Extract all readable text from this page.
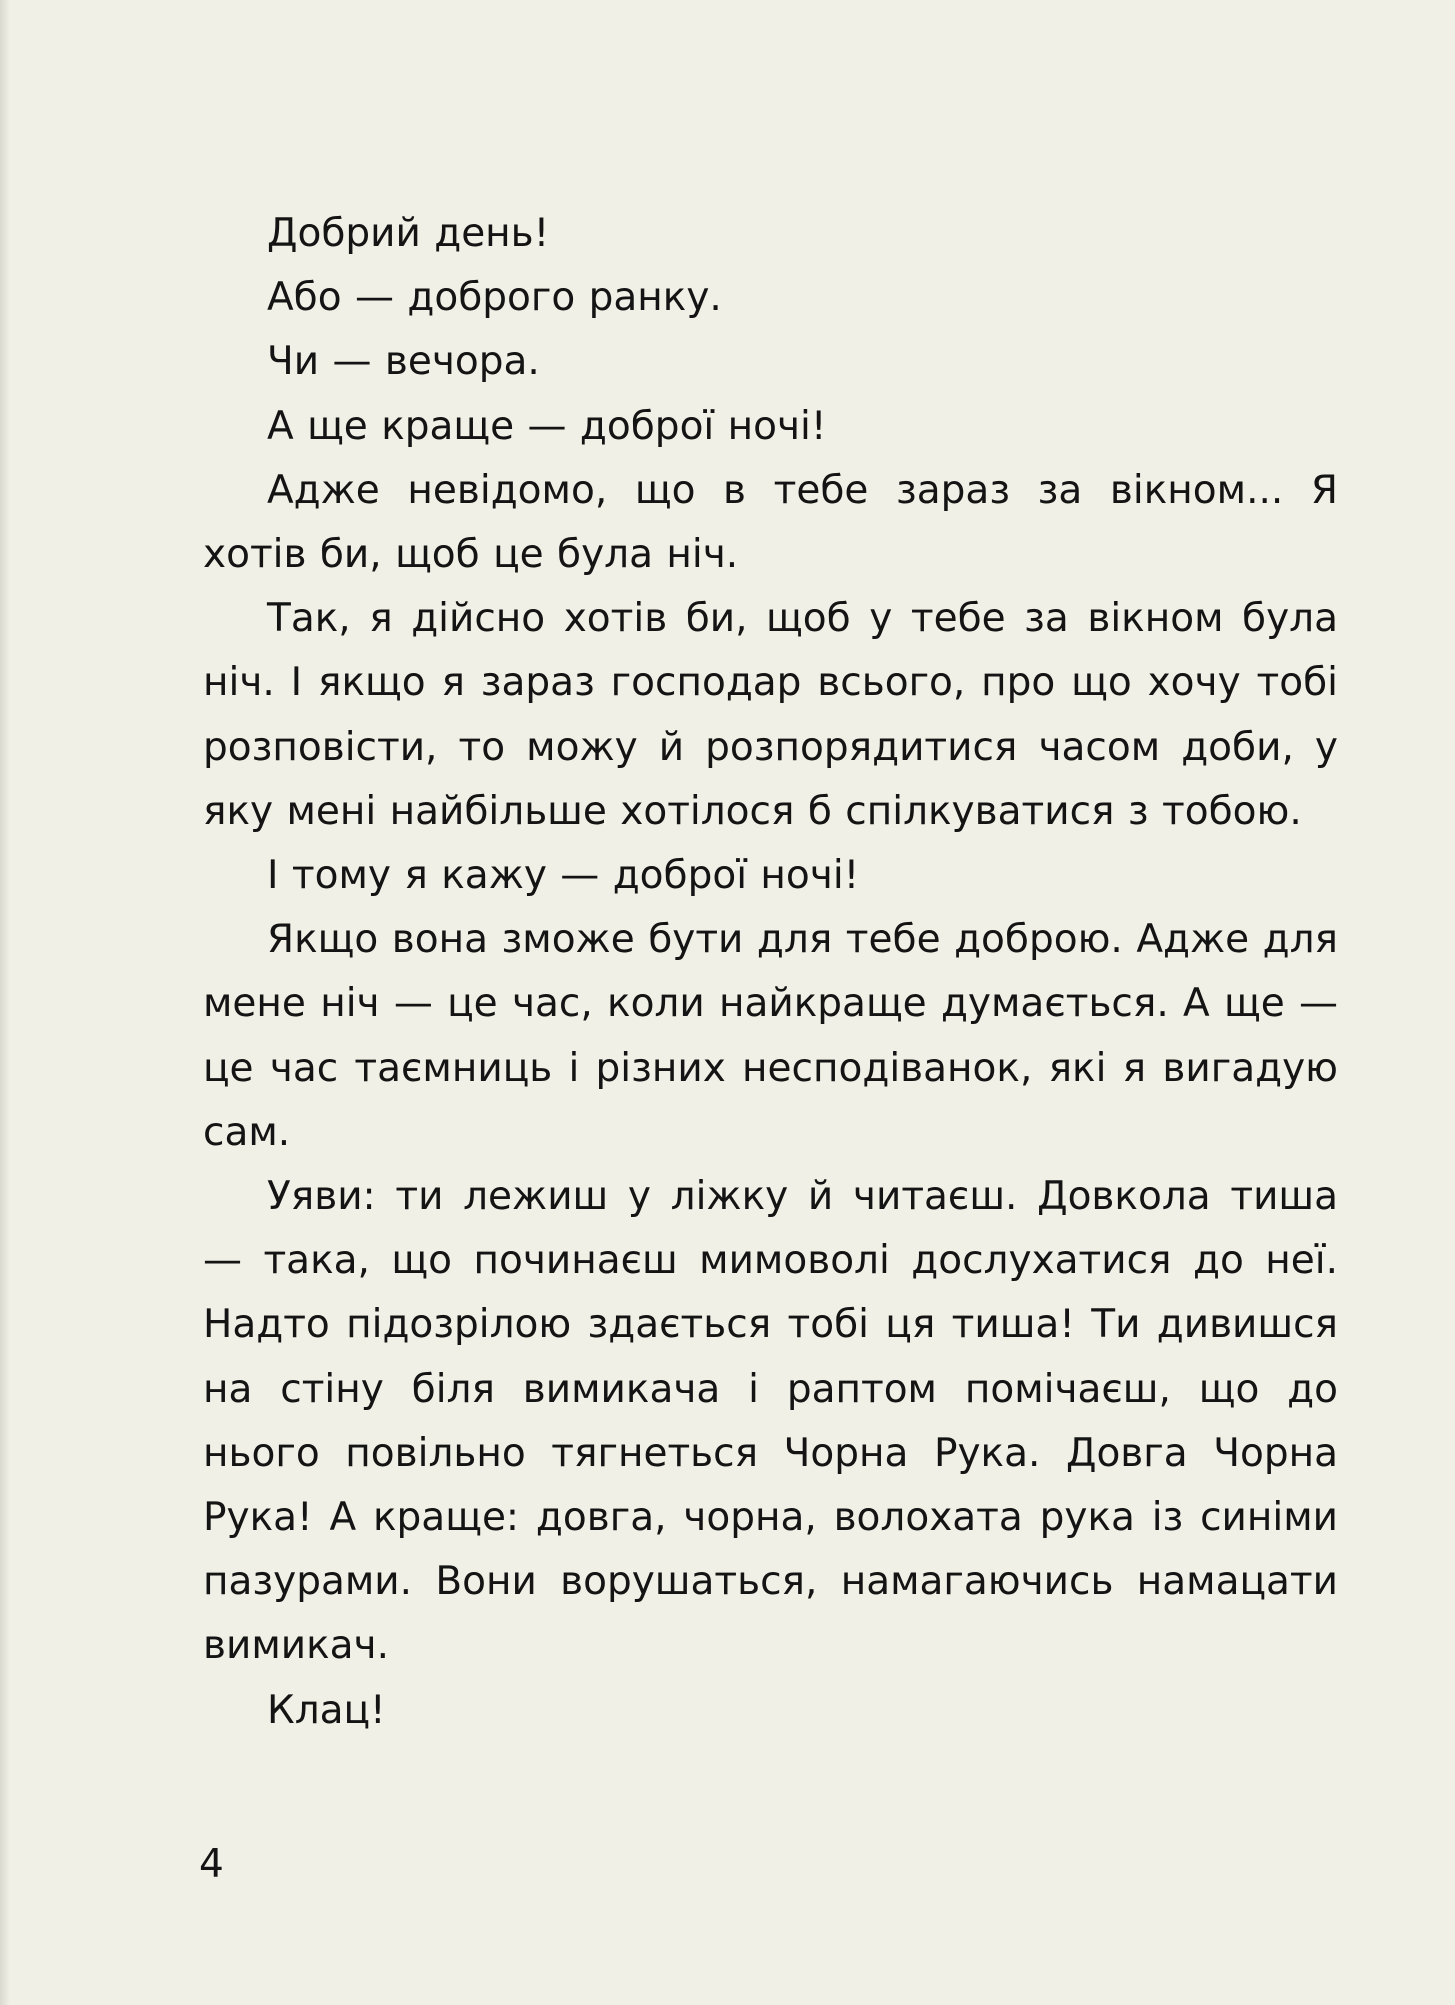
Добрий день!

Або — доброго ранку.

Чи — вечора.

А ще краще — доброї ночі!

Адже невідомо, що в тебе зараз за вікном... Я хотів би, щоб це була ніч.

Так, я дійсно хотів би, щоб у тебе за вікном була ніч. І якщо я зараз господар всього, про що хочу тобі розповісти, то можу й розпорядитися часом доби, у яку мені найбільше хотілося б спілкуватися з тобою.

І тому я кажу — доброї ночі!

Якщо вона зможе бути для тебе доброю. Адже для мене ніч — це час, коли найкраще думається. А ще — це час таємниць і різних несподіванок, які я вигадую сам.

Уяви: ти лежиш у ліжку й читаєш. Довкола тиша — така, що починаєш мимоволі дослухатися до неї. Надто підозрілою здається тобі ця тиша! Ти дивишся на стіну біля вимикача і раптом помічаєш, що до нього повільно тягнеться Чорна Рука. Довга Чорна Рука! А краще: довга, чорна, волохата рука із синіми пазурами. Вони ворушаться, намагаючись намацати вимикач.

Клац!

4
